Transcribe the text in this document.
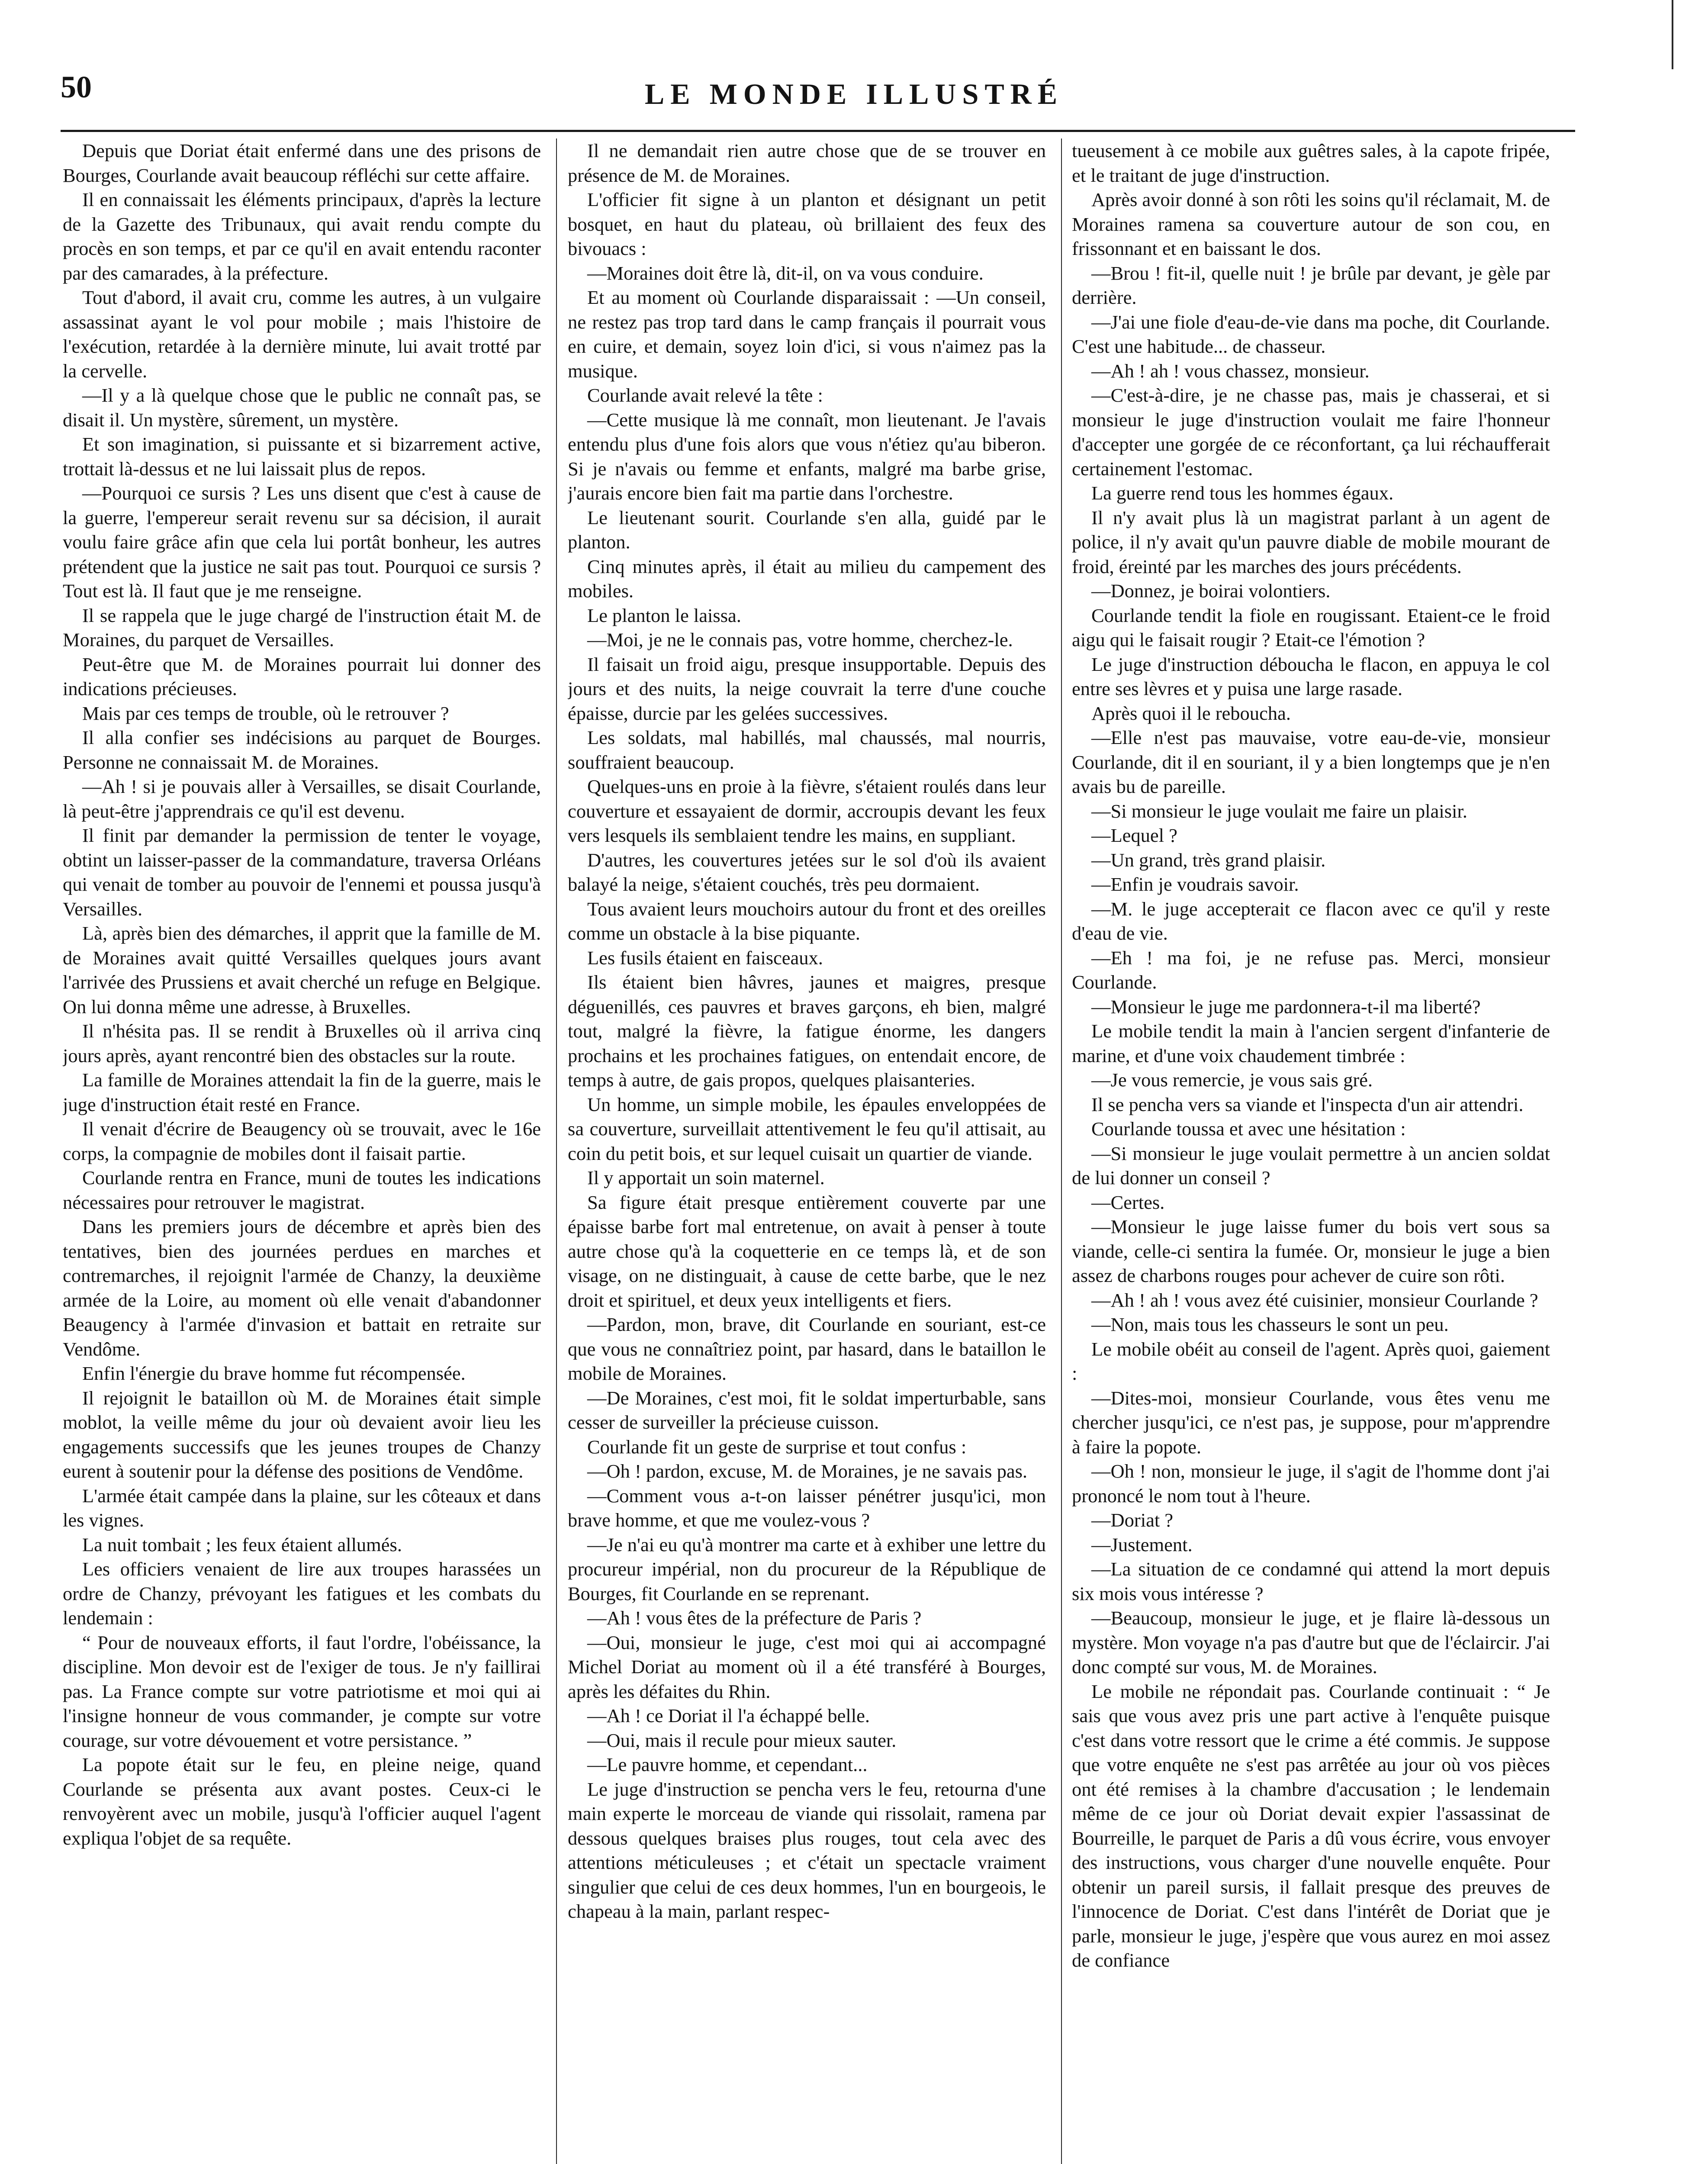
50	LE MONDE ILLUSTRÉ

Depuis que Doriat était enfermé dans une des prisons de Bourges, Courlande avait beaucoup réfléchi sur cette affaire.

Il en connaissait les éléments principaux, d'après la lecture de la Gazette des Tribunaux, qui avait rendu compte du procès en son temps, et par ce qu'il en avait entendu raconter par des camarades, à la préfecture.

Tout d'abord, il avait cru, comme les autres, à un vulgaire assassinat ayant le vol pour mobile ; mais l'histoire de l'exécution, retardée à la dernière minute, lui avait trotté par la cervelle.

—Il y a là quelque chose que le public ne connaît pas, se disait il. Un mystère, sûrement, un mystère.

Et son imagination, si puissante et si bizarrement active, trottait là-dessus et ne lui laissait plus de repos.

—Pourquoi ce sursis ? Les uns disent que c'est à cause de la guerre, l'empereur serait revenu sur sa décision, il aurait voulu faire grâce afin que cela lui portât bonheur, les autres prétendent que la justice ne sait pas tout. Pourquoi ce sursis ? Tout est là. Il faut que je me renseigne.

Il se rappela que le juge chargé de l'instruction était M. de Moraines, du parquet de Versailles.

Peut-être que M. de Moraines pourrait lui donner des indications précieuses.

Mais par ces temps de trouble, où le retrouver ?

Il alla confier ses indécisions au parquet de Bourges. Personne ne connaissait M. de Moraines.

—Ah ! si je pouvais aller à Versailles, se disait Courlande, là peut-être j'apprendrais ce qu'il est devenu.

Il finit par demander la permission de tenter le voyage, obtint un laisser-passer de la commandature, traversa Orléans qui venait de tomber au pouvoir de l'ennemi et poussa jusqu'à Versailles.

Là, après bien des démarches, il apprit que la famille de M. de Moraines avait quitté Versailles quelques jours avant l'arrivée des Prussiens et avait cherché un refuge en Belgique. On lui donna même une adresse, à Bruxelles.

Il n'hésita pas. Il se rendit à Bruxelles où il arriva cinq jours après, ayant rencontré bien des obstacles sur la route.

La famille de Moraines attendait la fin de la guerre, mais le juge d'instruction était resté en France.

Il venait d'écrire de Beaugency où se trouvait, avec le 16e corps, la compagnie de mobiles dont il faisait partie.

Courlande rentra en France, muni de toutes les indications nécessaires pour retrouver le magistrat.

Dans les premiers jours de décembre et après bien des tentatives, bien des journées perdues en marches et contremarches, il rejoignit l'armée de Chanzy, la deuxième armée de la Loire, au moment où elle venait d'abandonner Beaugency à l'armée d'invasion et battait en retraite sur Vendôme.

Enfin l'énergie du brave homme fut récompensée.

Il rejoignit le bataillon où M. de Moraines était simple moblot, la veille même du jour où devaient avoir lieu les engagements successifs que les jeunes troupes de Chanzy eurent à soutenir pour la défense des positions de Vendôme.

L'armée était campée dans la plaine, sur les côteaux et dans les vignes.

La nuit tombait ; les feux étaient allumés.

Les officiers venaient de lire aux troupes harassées un ordre de Chanzy, prévoyant les fatigues et les combats du lendemain :

“ Pour de nouveaux efforts, il faut l'ordre, l'obéissance, la discipline. Mon devoir est de l'exiger de tous. Je n'y faillirai pas. La France compte sur votre patriotisme et moi qui ai l'insigne honneur de vous commander, je compte sur votre courage, sur votre dévouement et votre persistance. ”

La popote était sur le feu, en pleine neige, quand Courlande se présenta aux avant postes. Ceux-ci le renvoyèrent avec un mobile, jusqu'à l'officier auquel l'agent expliqua l'objet de sa requête.

Il ne demandait rien autre chose que de se trouver en présence de M. de Moraines.

L'officier fit signe à un planton et désignant un petit bosquet, en haut du plateau, où brillaient des feux des bivouacs :

—Moraines doit être là, dit-il, on va vous conduire.

Et au moment où Courlande disparaissait : —Un conseil, ne restez pas trop tard dans le camp français il pourrait vous en cuire, et demain, soyez loin d'ici, si vous n'aimez pas la musique.

Courlande avait relevé la tête :

—Cette musique là me connaît, mon lieutenant. Je l'avais entendu plus d'une fois alors que vous n'étiez qu'au biberon. Si je n'avais ou femme et enfants, malgré ma barbe grise, j'aurais encore bien fait ma partie dans l'orchestre.

Le lieutenant sourit. Courlande s'en alla, guidé par le planton.

Cinq minutes après, il était au milieu du campement des mobiles.

Le planton le laissa.

—Moi, je ne le connais pas, votre homme, cherchez-le.

Il faisait un froid aigu, presque insupportable. Depuis des jours et des nuits, la neige couvrait la terre d'une couche épaisse, durcie par les gelées successives.

Les soldats, mal habillés, mal chaussés, mal nourris, souffraient beaucoup.

Quelques-uns en proie à la fièvre, s'étaient roulés dans leur couverture et essayaient de dormir, accroupis devant les feux vers lesquels ils semblaient tendre les mains, en suppliant.

D'autres, les couvertures jetées sur le sol d'où ils avaient balayé la neige, s'étaient couchés, très peu dormaient.

Tous avaient leurs mouchoirs autour du front et des oreilles comme un obstacle à la bise piquante.

Les fusils étaient en faisceaux.

Ils étaient bien hâvres, jaunes et maigres, presque déguenillés, ces pauvres et braves garçons, eh bien, malgré tout, malgré la fièvre, la fatigue énorme, les dangers prochains et les prochaines fatigues, on entendait encore, de temps à autre, de gais propos, quelques plaisanteries.

Un homme, un simple mobile, les épaules enveloppées de sa couverture, surveillait attentivement le feu qu'il attisait, au coin du petit bois, et sur lequel cuisait un quartier de viande.

Il y apportait un soin maternel.

Sa figure était presque entièrement couverte par une épaisse barbe fort mal entretenue, on avait à penser à toute autre chose qu'à la coquetterie en ce temps là, et de son visage, on ne distinguait, à cause de cette barbe, que le nez droit et spirituel, et deux yeux intelligents et fiers.

—Pardon, mon, brave, dit Courlande en souriant, est-ce que vous ne connaîtriez point, par hasard, dans le bataillon le mobile de Moraines.

—De Moraines, c'est moi, fit le soldat imperturbable, sans cesser de surveiller la précieuse cuisson.

Courlande fit un geste de surprise et tout confus :

—Oh ! pardon, excuse, M. de Moraines, je ne savais pas.

—Comment vous a-t-on laisser pénétrer jusqu'ici, mon brave homme, et que me voulez-vous ?

—Je n'ai eu qu'à montrer ma carte et à exhiber une lettre du procureur impérial, non du procureur de la République de Bourges, fit Courlande en se reprenant.

—Ah ! vous êtes de la préfecture de Paris ?

—Oui, monsieur le juge, c'est moi qui ai accompagné Michel Doriat au moment où il a été transféré à Bourges, après les défaites du Rhin.

—Ah ! ce Doriat il l'a échappé belle.

—Oui, mais il recule pour mieux sauter.

—Le pauvre homme, et cependant...

Le juge d'instruction se pencha vers le feu, retourna d'une main experte le morceau de viande qui rissolait, ramena par dessous quelques braises plus rouges, tout cela avec des attentions méticuleuses ; et c'était un spectacle vraiment singulier que celui de ces deux hommes, l'un en bourgeois, le chapeau à la main, parlant respec-

tueusement à ce mobile aux guêtres sales, à la capote fripée, et le traitant de juge d'instruction.

Après avoir donné à son rôti les soins qu'il réclamait, M. de Moraines ramena sa couverture autour de son cou, en frissonnant et en baissant le dos.

—Brou ! fit-il, quelle nuit ! je brûle par devant, je gèle par derrière.

—J'ai une fiole d'eau-de-vie dans ma poche, dit Courlande. C'est une habitude... de chasseur.

—Ah ! ah ! vous chassez, monsieur.

—C'est-à-dire, je ne chasse pas, mais je chasserai, et si monsieur le juge d'instruction voulait me faire l'honneur d'accepter une gorgée de ce réconfortant, ça lui réchaufferait certainement l'estomac.

La guerre rend tous les hommes égaux.

Il n'y avait plus là un magistrat parlant à un agent de police, il n'y avait qu'un pauvre diable de mobile mourant de froid, éreinté par les marches des jours précédents.

—Donnez, je boirai volontiers.

Courlande tendit la fiole en rougissant. Etaient-ce le froid aigu qui le faisait rougir ? Etait-ce l'émotion ?

Le juge d'instruction déboucha le flacon, en appuya le col entre ses lèvres et y puisa une large rasade.

Après quoi il le reboucha.

—Elle n'est pas mauvaise, votre eau-de-vie, monsieur Courlande, dit il en souriant, il y a bien longtemps que je n'en avais bu de pareille.

—Si monsieur le juge voulait me faire un plaisir.

—Lequel ?

—Un grand, très grand plaisir.

—Enfin je voudrais savoir.

—M. le juge accepterait ce flacon avec ce qu'il y reste d'eau de vie.

—Eh ! ma foi, je ne refuse pas. Merci, monsieur Courlande.

—Monsieur le juge me pardonnera-t-il ma liberté?

Le mobile tendit la main à l'ancien sergent d'infanterie de marine, et d'une voix chaudement timbrée :

—Je vous remercie, je vous sais gré.

Il se pencha vers sa viande et l'inspecta d'un air attendri.

Courlande toussa et avec une hésitation :

—Si monsieur le juge voulait permettre à un ancien soldat de lui donner un conseil ?

—Certes.

—Monsieur le juge laisse fumer du bois vert sous sa viande, celle-ci sentira la fumée. Or, monsieur le juge a bien assez de charbons rouges pour achever de cuire son rôti.

—Ah ! ah ! vous avez été cuisinier, monsieur Courlande ?

—Non, mais tous les chasseurs le sont un peu.

Le mobile obéit au conseil de l'agent. Après quoi, gaiement :

—Dites-moi, monsieur Courlande, vous êtes venu me chercher jusqu'ici, ce n'est pas, je suppose, pour m'apprendre à faire la popote.

—Oh ! non, monsieur le juge, il s'agit de l'homme dont j'ai prononcé le nom tout à l'heure.

—Doriat ?

—Justement.

—La situation de ce condamné qui attend la mort depuis six mois vous intéresse ?

—Beaucoup, monsieur le juge, et je flaire là-dessous un mystère. Mon voyage n'a pas d'autre but que de l'éclaircir. J'ai donc compté sur vous, M. de Moraines.

Le mobile ne répondait pas. Courlande continuait : “ Je sais que vous avez pris une part active à l'enquête puisque c'est dans votre ressort que le crime a été commis. Je suppose que votre enquête ne s'est pas arrêtée au jour où vos pièces ont été remises à la chambre d'accusation ; le lendemain même de ce jour où Doriat devait expier l'assassinat de Bourreille, le parquet de Paris a dû vous écrire, vous envoyer des instructions, vous charger d'une nouvelle enquête. Pour obtenir un pareil sursis, il fallait presque des preuves de l'innocence de Doriat. C'est dans l'intérêt de Doriat que je parle, monsieur le juge, j'espère que vous aurez en moi assez de confiance
